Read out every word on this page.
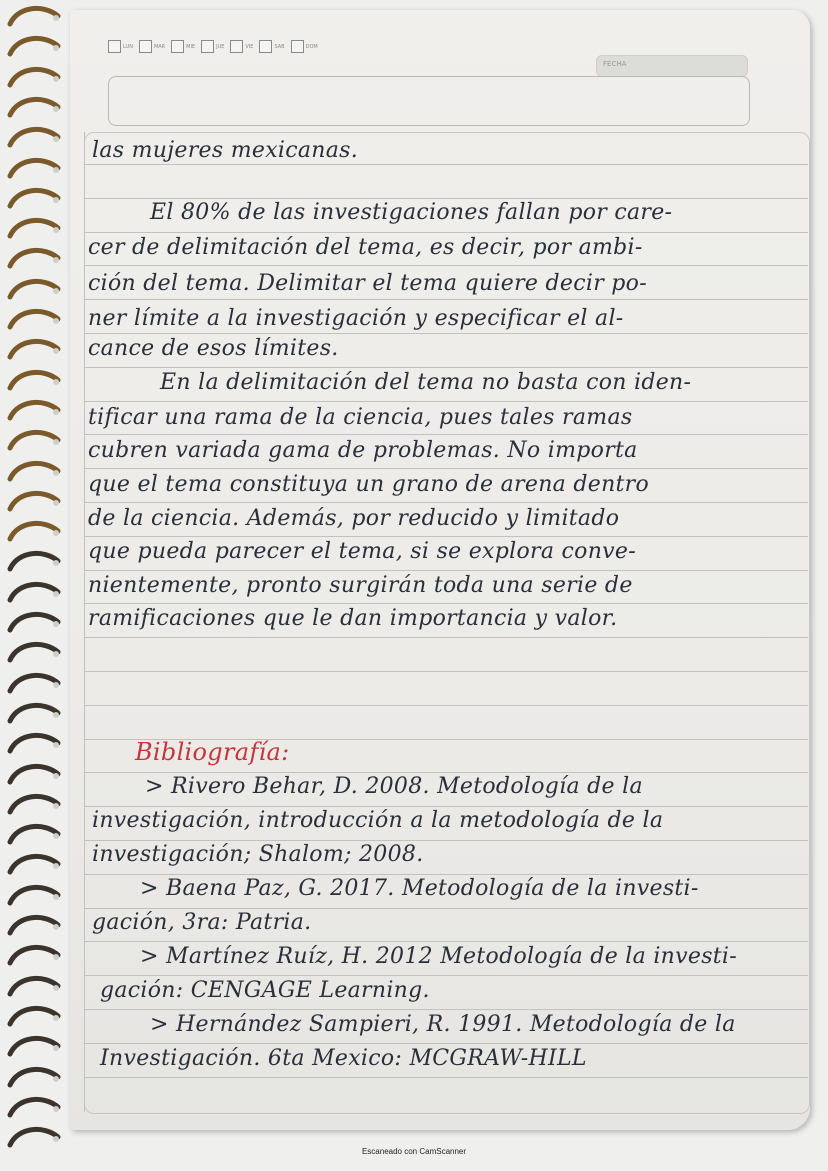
LUN	MAR	MIE	JUE	VIE	SAB	DOM
FECHA
las mujeres mexicanas.
El 80% de las investigaciones fallan por care-
cer de delimitación del tema, es decir, por ambi-
ción del tema. Delimitar el tema quiere decir po-
ner límite a la investigación y especificar el al-
cance de esos límites.
En la delimitación del tema no basta con iden-
tificar una rama de la ciencia, pues tales ramas
cubren variada gama de problemas. No importa
que el tema constituya un grano de arena dentro
de la ciencia. Además, por reducido y limitado
que pueda parecer el tema, si se explora conve-
nientemente, pronto surgirán toda una serie de
ramificaciones que le dan importancia y valor.
Bibliografía:
> Rivero Behar, D. 2008. Metodología de la
investigación, introducción a la metodología de la
investigación; Shalom; 2008.
> Baena Paz, G. 2017. Metodología de la investi-
gación, 3ra: Patria.
> Martínez Ruíz, H. 2012 Metodología de la investi-
gación: CENGAGE Learning.
> Hernández Sampieri, R. 1991. Metodología de la
Investigación. 6ta Mexico: MCGRAW-HILL
Escaneado con CamScanner
